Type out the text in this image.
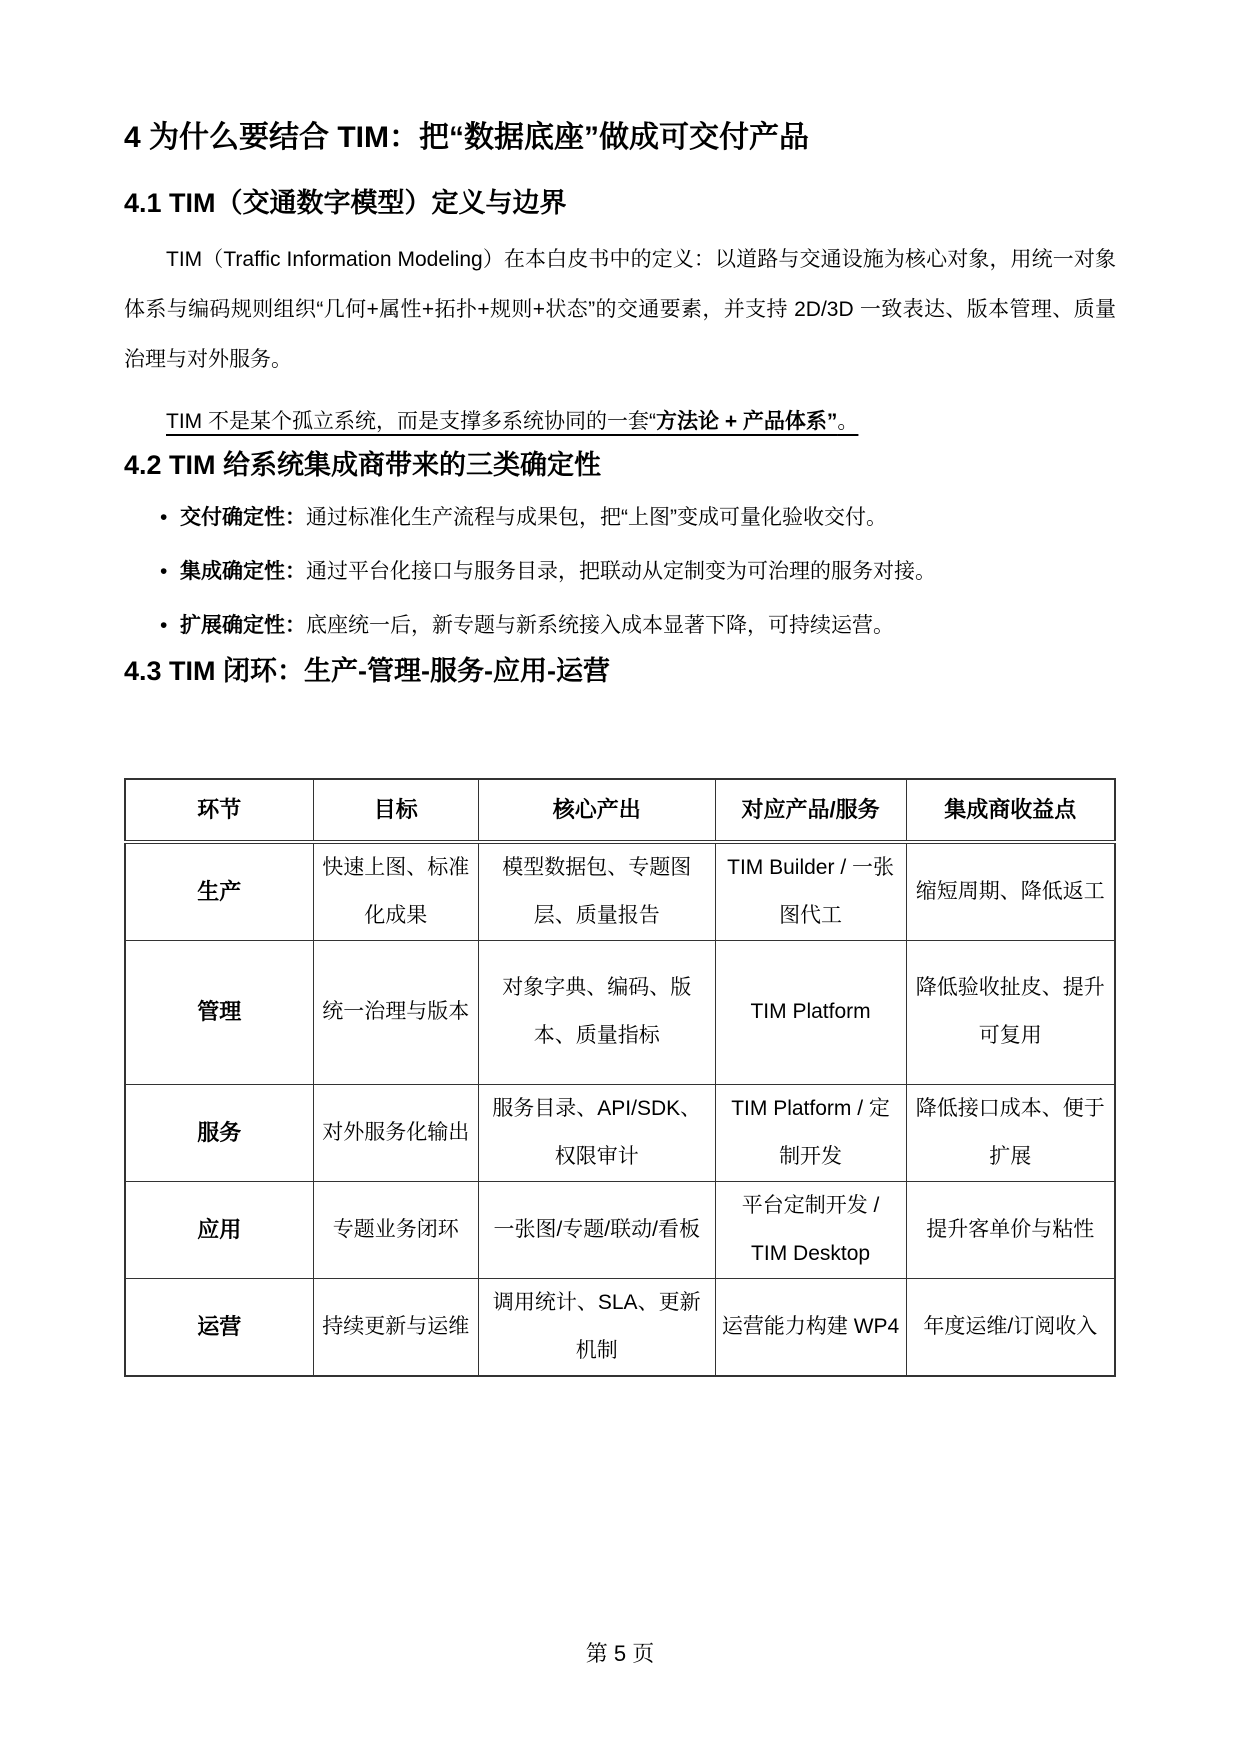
4 为什么要结合 TIM：把“数据底座”做成可交付产品
4.1 TIM（交通数字模型）定义与边界

TIM（Traffic Information Modeling）在本白皮书中的定义：以道路与交通设施为核心对象，用统一对象体系与编码规则组织“几何+属性+拓扑+规则+状态”的交通要素，并支持 2D/3D 一致表达、版本管理、质量治理与对外服务。

TIM 不是某个孤立系统，而是支撑多系统协同的一套“方法论 + 产品体系”。

4.2 TIM 给系统集成商带来的三类确定性
• 交付确定性：通过标准化生产流程与成果包，把“上图”变成可量化验收交付。
• 集成确定性：通过平台化接口与服务目录，把联动从定制变为可治理的服务对接。
• 扩展确定性：底座统一后，新专题与新系统接入成本显著下降，可持续运营。
4.3 TIM 闭环：生产-管理-服务-应用-运营
环节	目标	核心产出	对应产品/服务	集成商收益点
生产	快速上图、标准化成果	模型数据包、专题图层、质量报告	TIM Builder / 一张图代工	缩短周期、降低返工
管理	统一治理与版本	对象字典、编码、版本、质量指标	TIM Platform	降低验收扯皮、提升可复用
服务	对外服务化输出	服务目录、API/SDK、权限审计	TIM Platform / 定制开发	降低接口成本、便于扩展
应用	专题业务闭环	一张图/专题/联动/看板	平台定制开发 / TIM Desktop	提升客单价与粘性
运营	持续更新与运维	调用统计、SLA、更新机制	运营能力构建 WP4	年度运维/订阅收入
第 5 页
